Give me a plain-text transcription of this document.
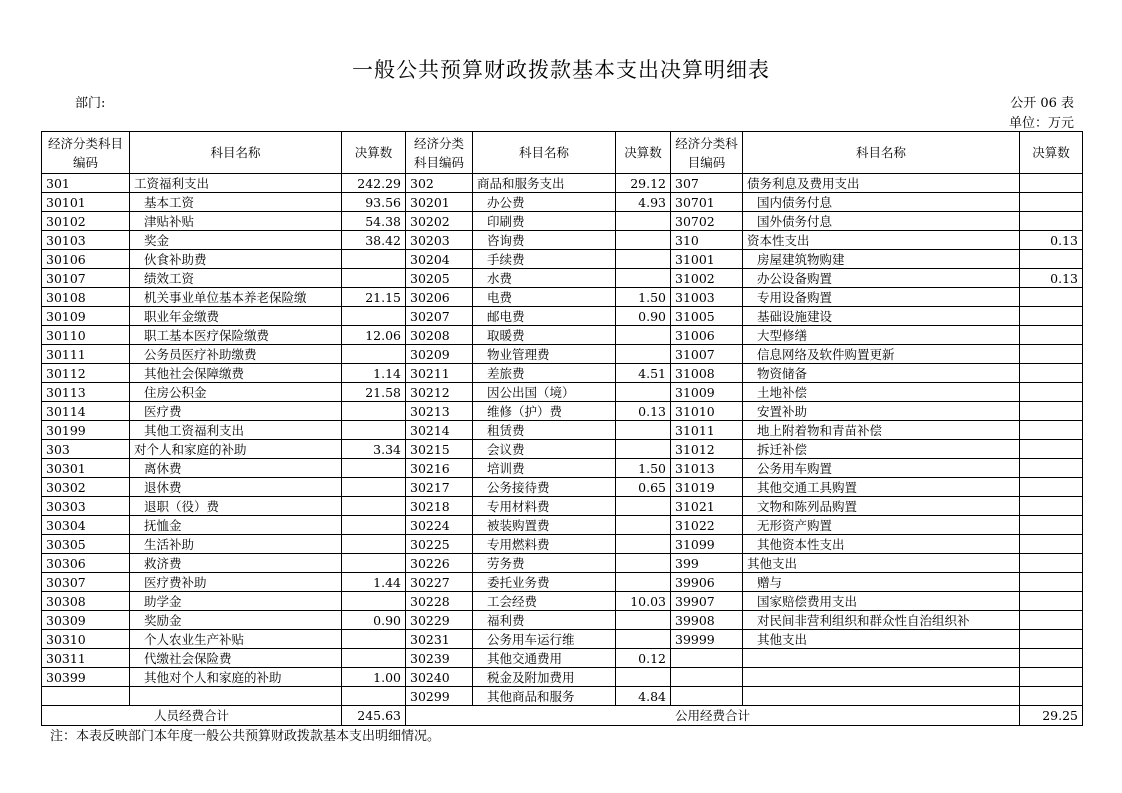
一般公共预算财政拨款基本支出决算明细表
部门:	公开 06 表
单位：万元
经济分类科目编码	科目名称	决算数	经济分类科目编码	科目名称	决算数	经济分类科目编码	科目名称	决算数
301	工资福利支出	242.29	302	商品和服务支出	29.12	307	债务利息及费用支出	
30101	基本工资	93.56	30201	办公费	4.93	30701	国内债务付息	
30102	津贴补贴	54.38	30202	印刷费		30702	国外债务付息	
30103	奖金	38.42	30203	咨询费		310	资本性支出	0.13
30106	伙食补助费		30204	手续费		31001	房屋建筑物购建	
30107	绩效工资		30205	水费		31002	办公设备购置	0.13
30108	机关事业单位基本养老保险缴	21.15	30206	电费	1.50	31003	专用设备购置	
30109	职业年金缴费		30207	邮电费	0.90	31005	基础设施建设	
30110	职工基本医疗保险缴费	12.06	30208	取暖费		31006	大型修缮	
30111	公务员医疗补助缴费		30209	物业管理费		31007	信息网络及软件购置更新	
30112	其他社会保障缴费	1.14	30211	差旅费	4.51	31008	物资储备	
30113	住房公积金	21.58	30212	因公出国（境）		31009	土地补偿	
30114	医疗费		30213	维修（护）费	0.13	31010	安置补助	
30199	其他工资福利支出		30214	租赁费		31011	地上附着物和青苗补偿	
303	对个人和家庭的补助	3.34	30215	会议费		31012	拆迁补偿	
30301	离休费		30216	培训费	1.50	31013	公务用车购置	
30302	退休费		30217	公务接待费	0.65	31019	其他交通工具购置	
30303	退职（役）费		30218	专用材料费		31021	文物和陈列品购置	
30304	抚恤金		30224	被装购置费		31022	无形资产购置	
30305	生活补助		30225	专用燃料费		31099	其他资本性支出	
30306	救济费		30226	劳务费		399	其他支出	
30307	医疗费补助	1.44	30227	委托业务费		39906	赠与	
30308	助学金		30228	工会经费	10.03	39907	国家赔偿费用支出	
30309	奖励金	0.90	30229	福利费		39908	对民间非营利组织和群众性自治组织补	
30310	个人农业生产补贴		30231	公务用车运行维		39999	其他支出	
30311	代缴社会保险费		30239	其他交通费用	0.12			
30399	其他对个人和家庭的补助	1.00	30240	税金及附加费用				
			30299	其他商品和服务	4.84			
人员经费合计		245.63	公用经费合计					29.25
注：本表反映部门本年度一般公共预算财政拨款基本支出明细情况。
